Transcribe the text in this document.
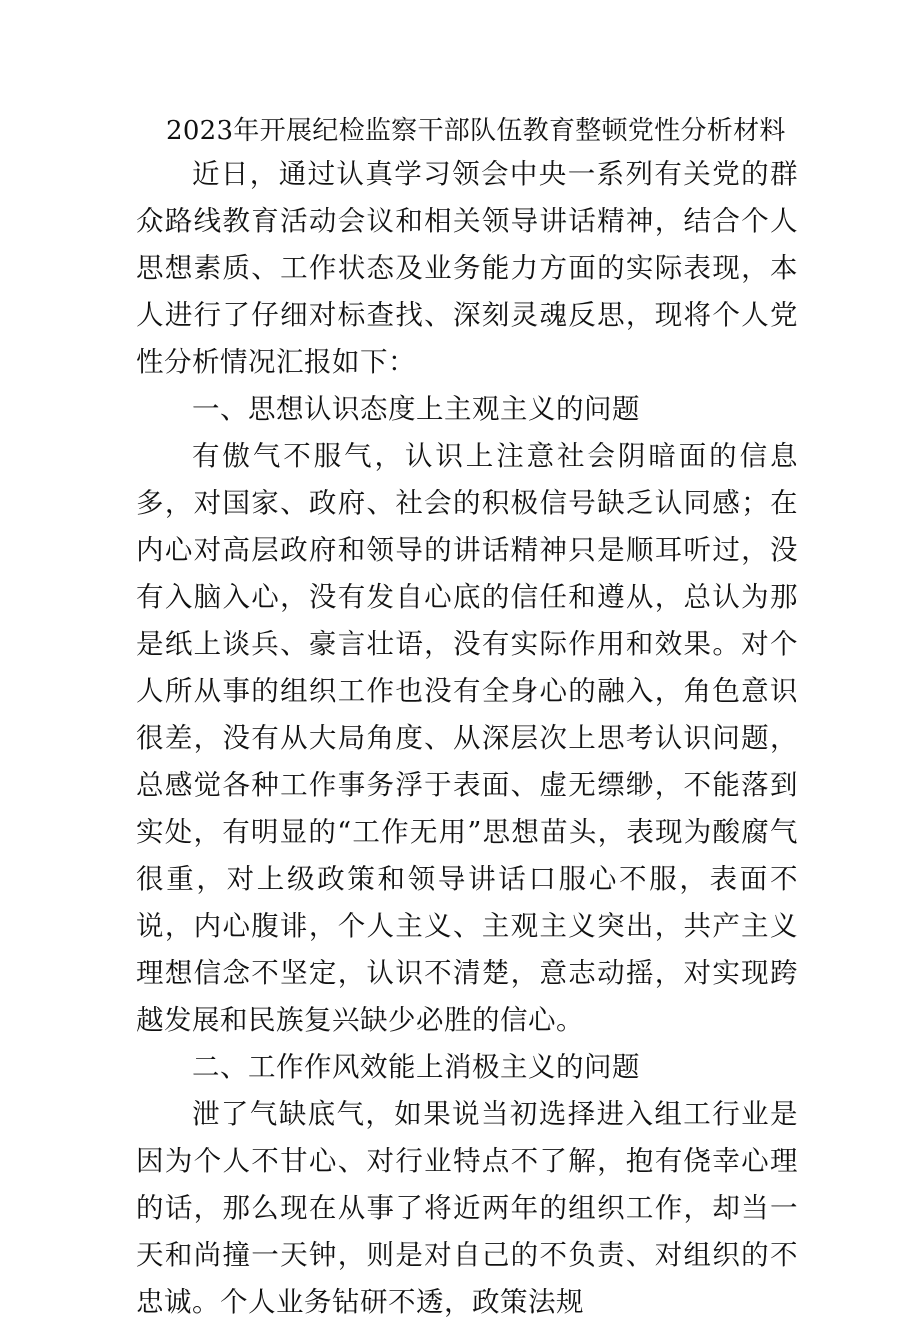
2023年开展纪检监察干部队伍教育整顿党性分析材料

近日，通过认真学习领会中央一系列有关党的群众路线教育活动会议和相关领导讲话精神，结合个人思想素质、工作状态及业务能力方面的实际表现，本人进行了仔细对标查找、深刻灵魂反思，现将个人党性分析情况汇报如下：

一、思想认识态度上主观主义的问题

有傲气不服气，认识上注意社会阴暗面的信息多，对国家、政府、社会的积极信号缺乏认同感；在内心对高层政府和领导的讲话精神只是顺耳听过，没有入脑入心，没有发自心底的信任和遵从，总认为那是纸上谈兵、豪言壮语，没有实际作用和效果。对个人所从事的组织工作也没有全身心的融入，角色意识很差，没有从大局角度、从深层次上思考认识问题，总感觉各种工作事务浮于表面、虚无缥缈，不能落到实处，有明显的“工作无用”思想苗头，表现为酸腐气很重，对上级政策和领导讲话口服心不服，表面不说，内心腹诽，个人主义、主观主义突出，共产主义理想信念不坚定，认识不清楚，意志动摇，对实现跨越发展和民族复兴缺少必胜的信心。

二、工作作风效能上消极主义的问题

泄了气缺底气，如果说当初选择进入组工行业是因为个人不甘心、对行业特点不了解，抱有侥幸心理的话，那么现在从事了将近两年的组织工作，却当一天和尚撞一天钟，则是对自己的不负责、对组织的不忠诚。个人业务钻研不透，政策法规
